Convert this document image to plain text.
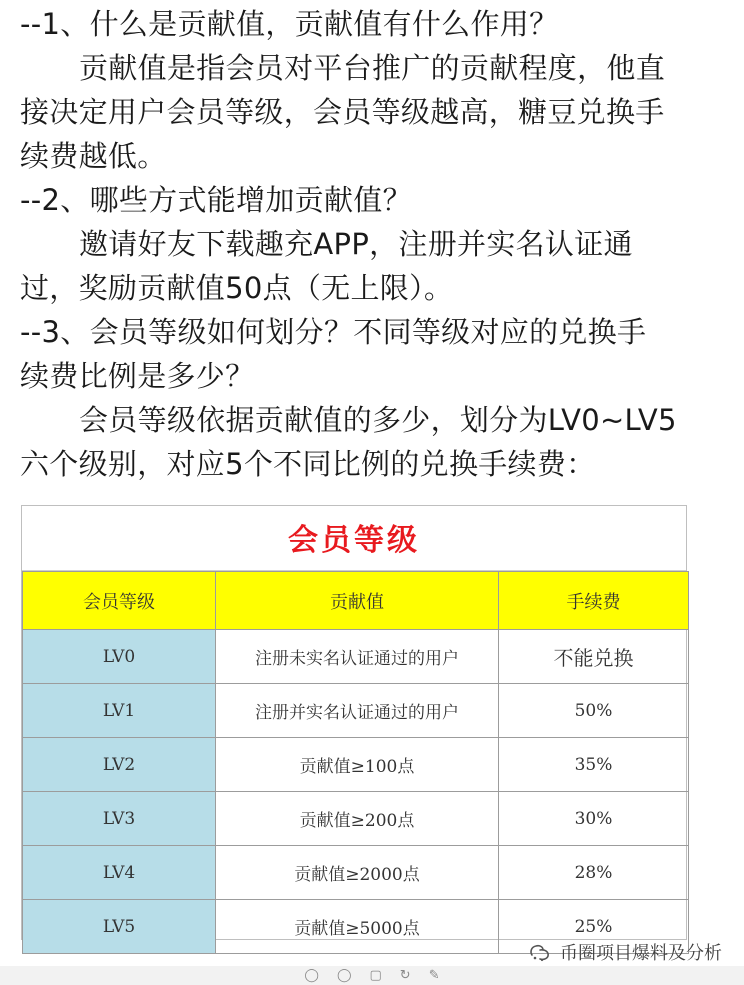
--1、什么是贡献值，贡献值有什么作用？
贡献值是指会员对平台推广的贡献程度，他直
接决定用户会员等级，会员等级越高，糖豆兑换手
续费越低。
--2、哪些方式能增加贡献值？
邀请好友下载趣充APP，注册并实名认证通
过，奖励贡献值50点（无上限）。
--3、会员等级如何划分？不同等级对应的兑换手
续费比例是多少？
会员等级依据贡献值的多少，划分为LV0~LV5
六个级别，对应5个不同比例的兑换手续费：
会员等级
会员等级	贡献值	手续费
LV0	注册未实名认证通过的用户	不能兑换
LV1	注册并实名认证通过的用户	50%
LV2	贡献值≥100点	35%
LV3	贡献值≥200点	30%
LV4	贡献值≥2000点	28%
LV5	贡献值≥5000点	25%
币圈项目爆料及分析
◯ ◯ ▢ ↻ ✎
